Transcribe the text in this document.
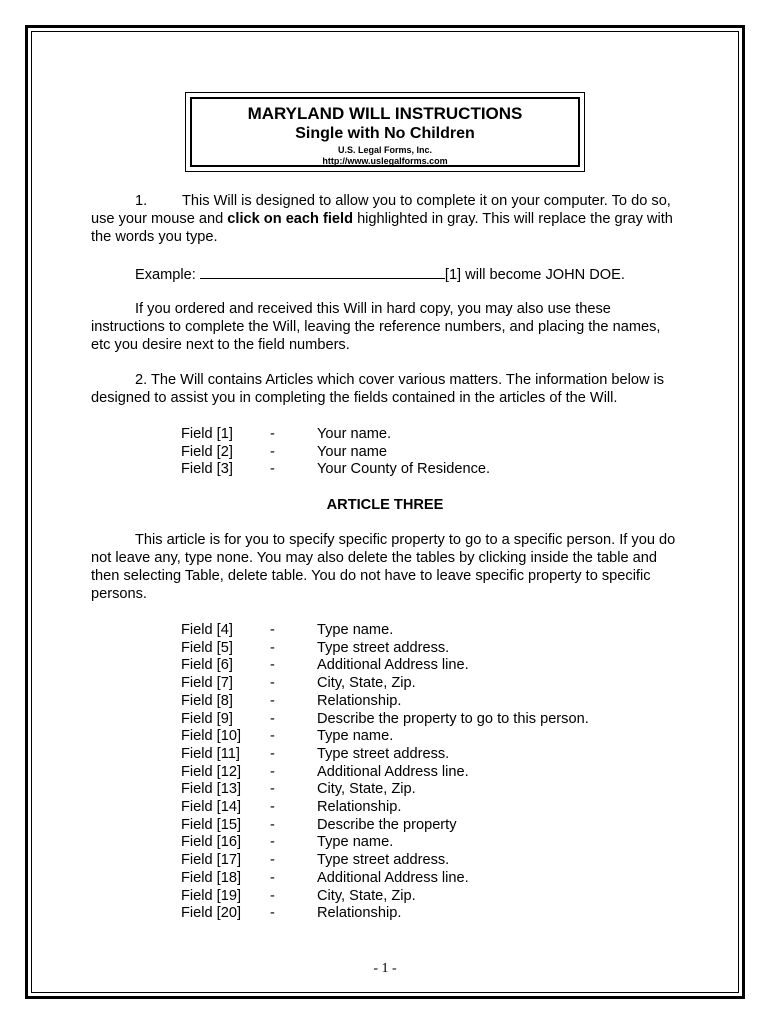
MARYLAND WILL INSTRUCTIONS
Single with No Children
U.S. Legal Forms, Inc.
http://www.uslegalforms.com
1. This Will is designed to allow you to complete it on your computer. To do so, use your mouse and click on each field highlighted in gray. This will replace the gray with the words you type.
Example:	[1] will become JOHN DOE.
If you ordered and received this Will in hard copy, you may also use these instructions to complete the Will, leaving the reference numbers, and placing the names, etc you desire next to the field numbers.
2. The Will contains Articles which cover various matters. The information below is designed to assist you in completing the fields contained in the articles of the Will.
Field [1]	-	Your name.
Field [2]	-	Your name
Field [3]	-	Your County of Residence.
ARTICLE THREE
This article is for you to specify specific property to go to a specific person. If you do not leave any, type none. You may also delete the tables by clicking inside the table and then selecting Table, delete table. You do not have to leave specific property to specific persons.
Field [4]	-	Type name.
Field [5]	-	Type street address.
Field [6]	-	Additional Address line.
Field [7]	-	City, State, Zip.
Field [8]	-	Relationship.
Field [9]	-	Describe the property to go to this person.
Field [10] -	Type name.
Field [11] -	Type street address.
Field [12] -	Additional Address line.
Field [13] -	City, State, Zip.
Field [14] -	Relationship.
Field [15] -	Describe the property
Field [16] -	Type name.
Field [17] -	Type street address.
Field [18] -	Additional Address line.
Field [19] -	City, State, Zip.
Field [20] -	Relationship.
- 1 -
